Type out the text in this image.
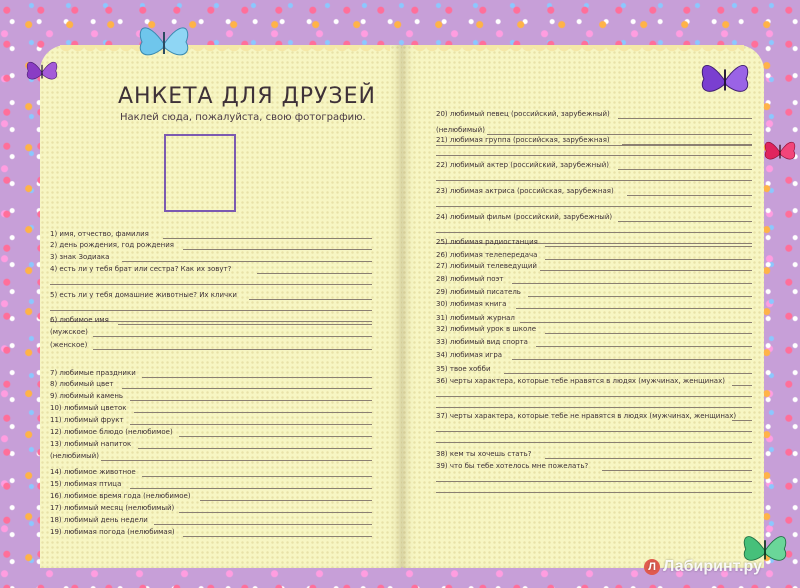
АНКЕТА ДЛЯ ДРУЗЕЙ
Наклей сюда, пожалуйста, свою фотографию.
1) имя, отчество, фамилия
2) день рождения, год рождения
3) знак Зодиака
4) есть ли у тебя брат или сестра? Как их зовут?
5) есть ли у тебя домашние животные? Их клички
6) любимое имя
(мужское)
(женское)
7) любимые праздники
8) любимый цвет
9) любимый камень
10) любимый цветок
11) любимый фрукт
12) любимое блюдо (нелюбимое)
13) любимый напиток
(нелюбимый)
14) любимое животное
15) любимая птица
16) любимое время года (нелюбимое)
17) любимый месяц (нелюбимый)
18) любимый день недели
19) любимая погода (нелюбимая)
20) любимый певец (российский, зарубежный)
(нелюбимый)
21) любимая группа (российская, зарубежная)
22) любимый актер (российский, зарубежный)
23) любимая актриса (российская, зарубежная)
24) любимый фильм (российский, зарубежный)
25) любимая радиостанция
26) любимая телепередача
27) любимый телеведущий
28) любимый поэт
29) любимый писатель
30) любимая книга
31) любимый журнал
32) любимый урок в школе
33) любимый вид спорта
34) любимая игра
35) твое хобби
36) черты характера, которые тебе нравятся в людях (мужчинах, женщинах)
37) черты характера, которые тебе не нравятся в людях (мужчинах, женщинах)
38) кем ты хочешь стать?
39) что бы тебе хотелось мне пожелать?
Л Лабиринт.ру
